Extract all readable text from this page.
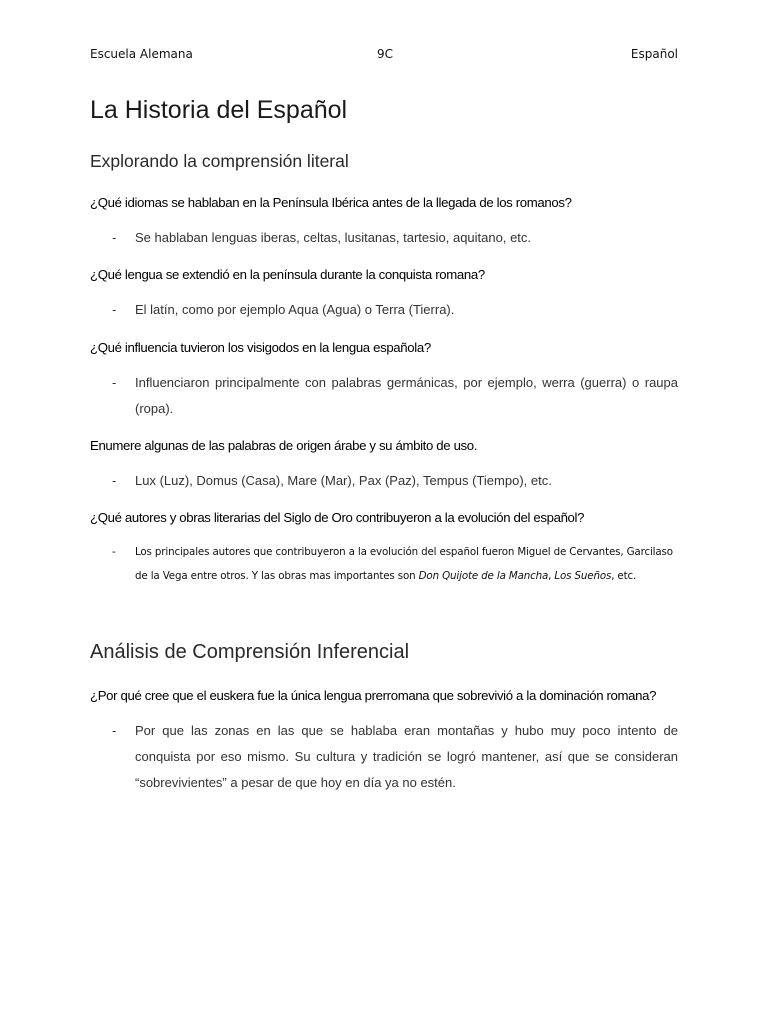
Escuela Alemana	9C	Español
La Historia del Español
Explorando la comprensión literal

¿Qué idiomas se hablaban en la Península Ibérica antes de la llegada de los romanos?

- Se hablaban lenguas iberas, celtas, lusitanas, tartesio, aquitano, etc.

¿Qué lengua se extendió en la península durante la conquista romana?

- El latín, como por ejemplo Aqua (Agua) o Terra (Tierra).

¿Qué influencia tuvieron los visigodos en la lengua española?

- Influenciaron principalmente con palabras germánicas, por ejemplo, werra (guerra) o raupa (ropa).

Enumere algunas de las palabras de origen árabe y su ámbito de uso.

- Lux (Luz), Domus (Casa), Mare (Mar), Pax (Paz), Tempus (Tiempo), etc.

¿Qué autores y obras literarias del Siglo de Oro contribuyeron a la evolución del español?

- Los principales autores que contribuyeron a la evolución del español fueron Miguel de Cervantes, Garcilaso de la Vega entre otros. Y las obras mas importantes son Don Quijote de la Mancha, Los Sueños, etc.
Análisis de Comprensión Inferencial

¿Por qué cree que el euskera fue la única lengua prerromana que sobrevivió a la dominación romana?

- Por que las zonas en las que se hablaba eran montañas y hubo muy poco intento de conquista por eso mismo. Su cultura y tradición se logró mantener, así que se consideran “sobrevivientes” a pesar de que hoy en día ya no estén.
